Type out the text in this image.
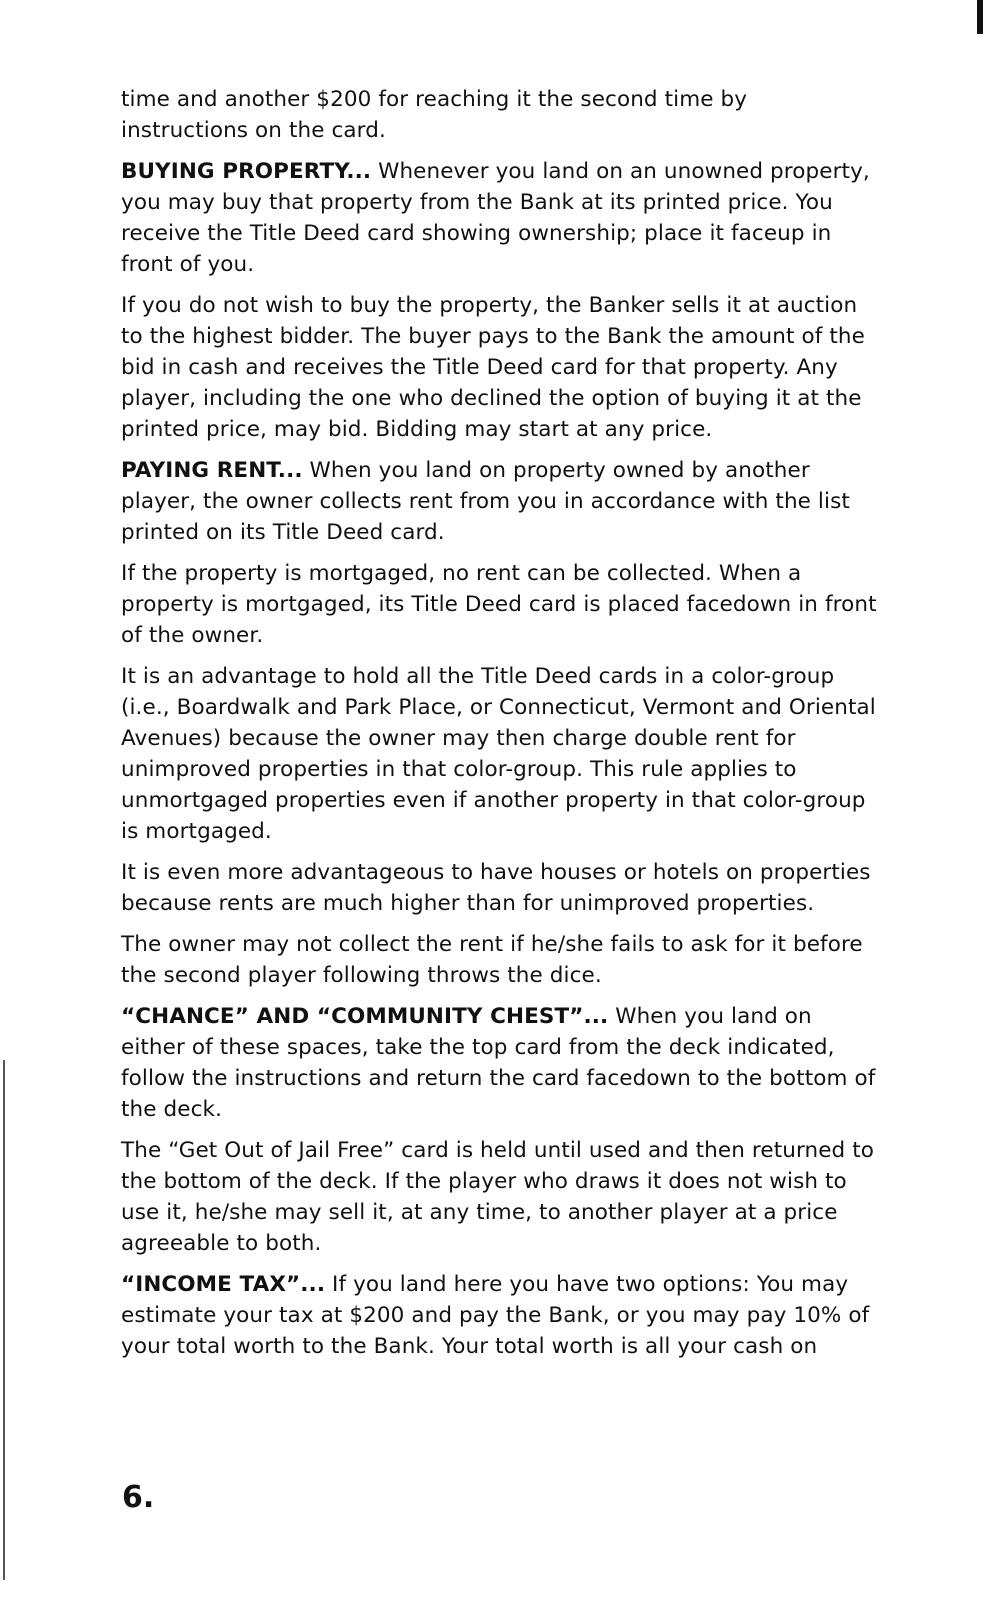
time and another $200 for reaching it the second time by instructions on the card.

BUYING PROPERTY... Whenever you land on an unowned property, you may buy that property from the Bank at its printed price. You receive the Title Deed card showing ownership; place it faceup in front of you.

If you do not wish to buy the property, the Banker sells it at auction to the highest bidder. The buyer pays to the Bank the amount of the bid in cash and receives the Title Deed card for that property. Any player, including the one who declined the option of buying it at the printed price, may bid. Bidding may start at any price.

PAYING RENT... When you land on property owned by another player, the owner collects rent from you in accordance with the list printed on its Title Deed card.

If the property is mortgaged, no rent can be collected. When a property is mortgaged, its Title Deed card is placed facedown in front of the owner.

It is an advantage to hold all the Title Deed cards in a color-group (i.e., Boardwalk and Park Place, or Connecticut, Vermont and Oriental Avenues) because the owner may then charge double rent for unimproved properties in that color-group. This rule applies to unmortgaged properties even if another property in that color-group is mortgaged.

It is even more advantageous to have houses or hotels on properties because rents are much higher than for unimproved properties.

The owner may not collect the rent if he/she fails to ask for it before the second player following throws the dice.

“CHANCE” AND “COMMUNITY CHEST”... When you land on either of these spaces, take the top card from the deck indicated, follow the instructions and return the card facedown to the bottom of the deck.

The “Get Out of Jail Free” card is held until used and then returned to the bottom of the deck. If the player who draws it does not wish to use it, he/she may sell it, at any time, to another player at a price agreeable to both.

“INCOME TAX”... If you land here you have two options: You may estimate your tax at $200 and pay the Bank, or you may pay 10% of your total worth to the Bank. Your total worth is all your cash on

6.
